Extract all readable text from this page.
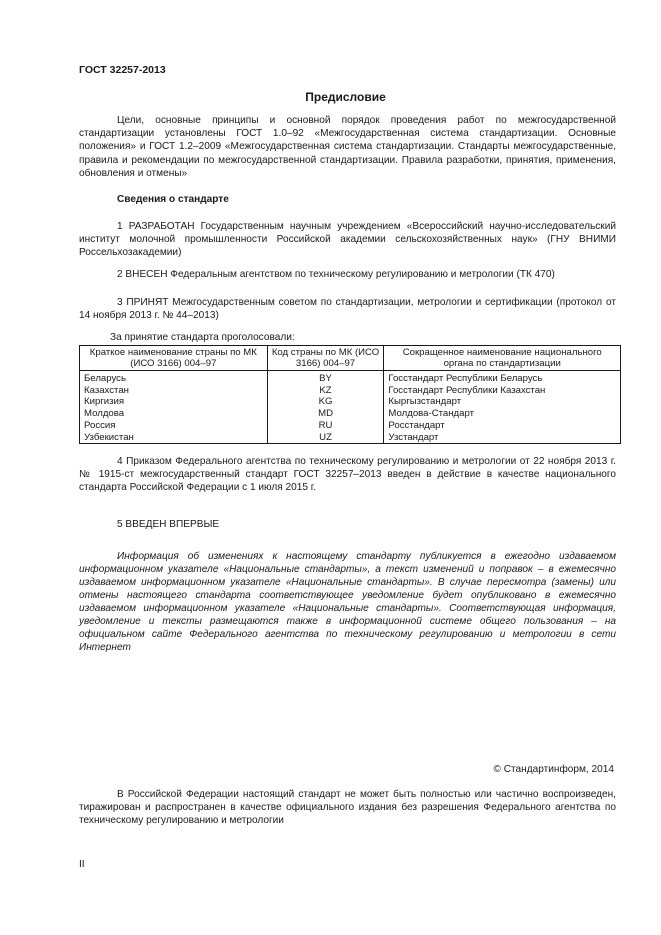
ГОСТ 32257-2013
Предисловие
Цели, основные принципы и основной порядок проведения работ по межгосударственной стандартизации установлены ГОСТ 1.0–92 «Межгосударственная система стандартизации. Основные положения» и ГОСТ 1.2–2009 «Межгосударственная система стандартизации. Стандарты межгосударственные, правила и рекомендации по межгосударственной стандартизации. Правила разработки, принятия, применения, обновления и отмены»
Сведения о стандарте
1 РАЗРАБОТАН Государственным научным учреждением «Всероссийский научно-исследовательский институт молочной промышленности Российской академии сельскохозяйственных наук» (ГНУ ВНИМИ Россельхозакадемии)
2 ВНЕСЕН Федеральным агентством по техническому регулированию и метрологии (ТК 470)
3 ПРИНЯТ Межгосударственным советом по стандартизации, метрологии и сертификации (протокол от 14 ноября 2013 г. № 44–2013)
За принятие стандарта проголосовали:
Краткое наименование страны по МК (ИСО 3166) 004–97	Код страны по МК (ИСО 3166) 004–97	Сокращенное наименование национального органа по стандартизации
Беларусь	BY	Госстандарт Республики Беларусь
Казахстан	KZ	Госстандарт Республики Казахстан
Киргизия	KG	Кыргызстандарт
Молдова	MD	Молдова-Стандарт
Россия	RU	Росстандарт
Узбекистан	UZ	Узстандарт
4 Приказом Федерального агентства по техническому регулированию и метрологии от 22 ноября 2013 г. № 1915-ст межгосударственный стандарт ГОСТ 32257–2013 введен в действие в качестве национального стандарта Российской Федерации с 1 июля 2015 г.
5 ВВЕДЕН ВПЕРВЫЕ
Информация об изменениях к настоящему стандарту публикуется в ежегодно издаваемом информационном указателе «Национальные стандарты», а текст изменений и поправок – в ежемесячно издаваемом информационном указателе «Национальные стандарты». В случае пересмотра (замены) или отмены настоящего стандарта соответствующее уведомление будет опубликовано в ежемесячно издаваемом информационном указателе «Национальные стандарты». Соответствующая информация, уведомление и тексты размещаются также в информационной системе общего пользования – на официальном сайте Федерального агентства по техническому регулированию и метрологии в сети Интернет
© Стандартинформ, 2014
В Российской Федерации настоящий стандарт не может быть полностью или частично воспроизведен, тиражирован и распространен в качестве официального издания без разрешения Федерального агентства по техническому регулированию и метрологии
II
